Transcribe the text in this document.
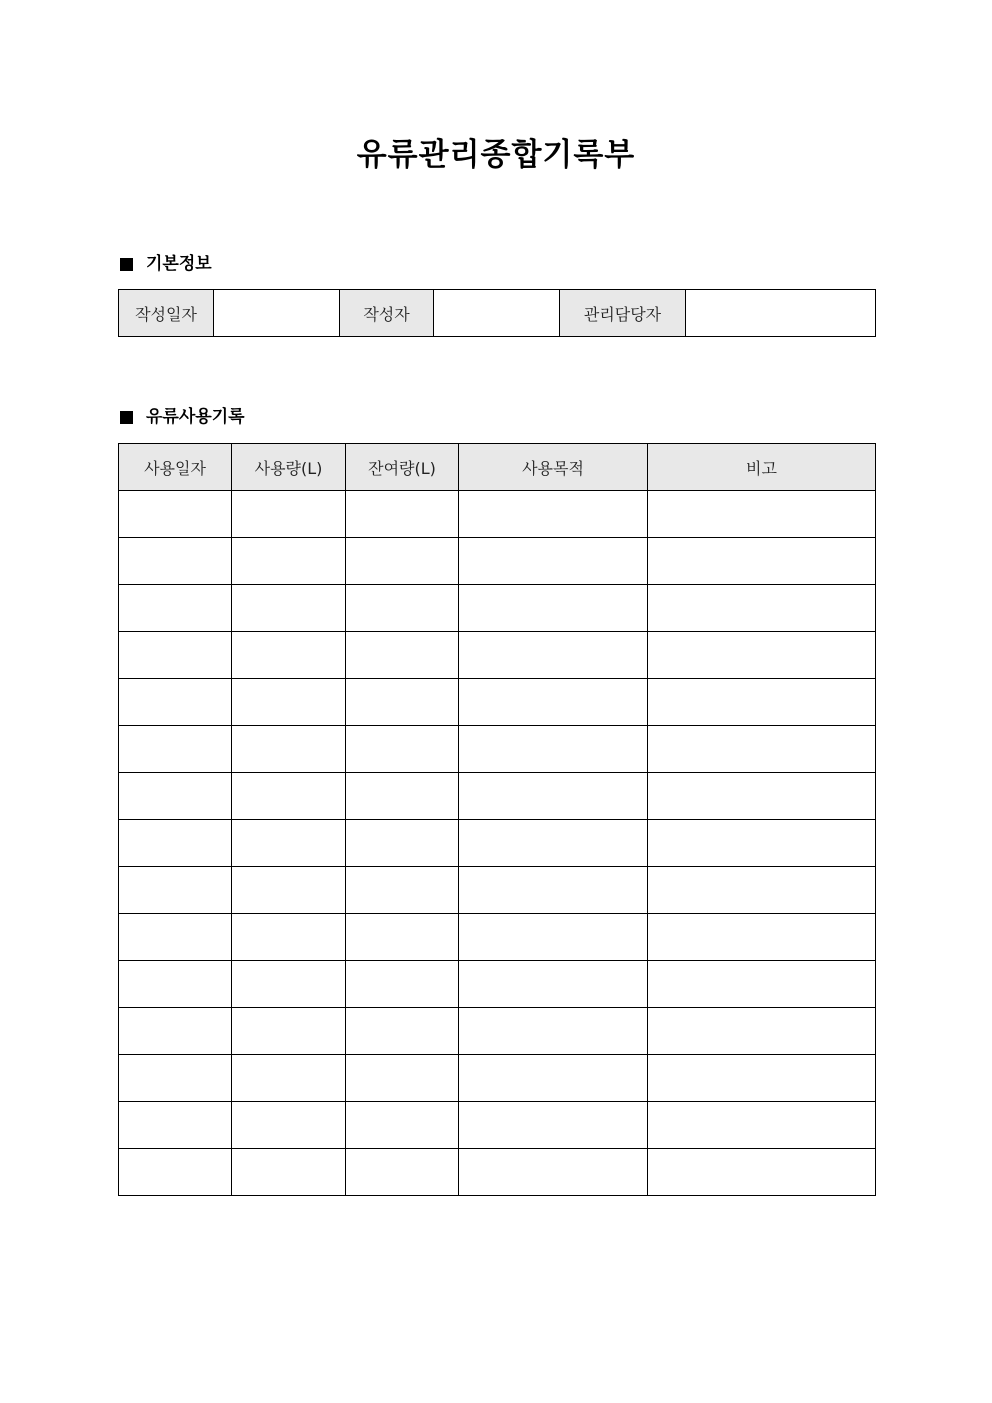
유류관리종합기록부
기본정보
작성일자		작성자		관리담당자	
유류사용기록
사용일자	사용량(L)	잔여량(L)	사용목적	비고
